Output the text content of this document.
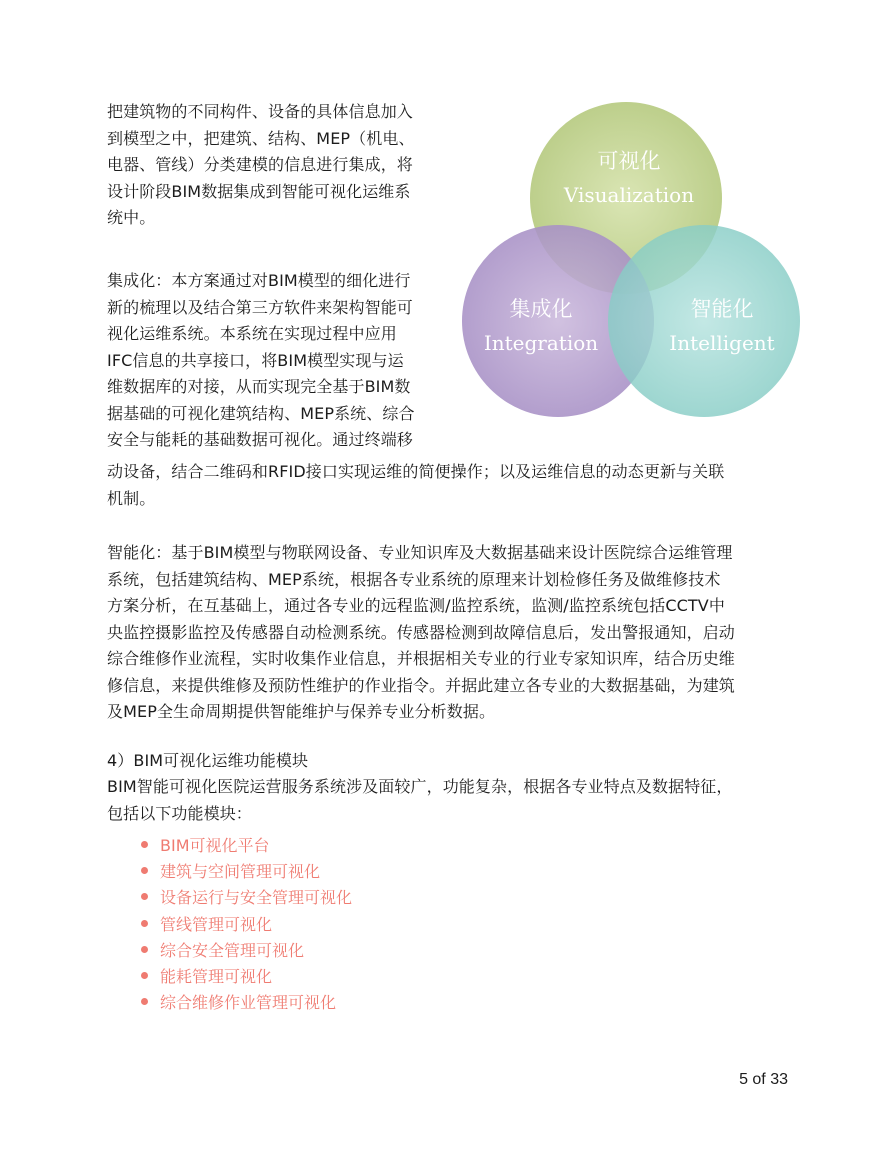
把建筑物的不同构件、设备的具体信息加入
到模型之中，把建筑、结构、MEP（机电、
电器、管线）分类建模的信息进行集成，将
设计阶段BIM数据集成到智能可视化运维系
统中。

集成化：本方案通过对BIM模型的细化进行
新的梳理以及结合第三方软件来架构智能可
视化运维系统。本系统在实现过程中应用
IFC信息的共享接口，将BIM模型实现与运
维数据库的对接，从而实现完全基于BIM数
据基础的可视化建筑结构、MEP系统、综合
安全与能耗的基础数据可视化。通过终端移

动设备，结合二维码和RFID接口实现运维的简便操作；以及运维信息的动态更新与关联
机制。

智能化：基于BIM模型与物联网设备、专业知识库及大数据基础来设计医院综合运维管理
系统，包括建筑结构、MEP系统，根据各专业系统的原理来计划检修任务及做维修技术
方案分析，在互基础上，通过各专业的远程监测/监控系统，监测/监控系统包括CCTV中
央监控摄影监控及传感器自动检测系统。传感器检测到故障信息后，发出警报通知，启动
综合维修作业流程，实时收集作业信息，并根据相关专业的行业专家知识库，结合历史维
修信息，来提供维修及预防性维护的作业指令。并据此建立各专业的大数据基础，为建筑
及MEP全生命周期提供智能维护与保养专业分析数据。

4）BIM可视化运维功能模块

BIM智能可视化医院运营服务系统涉及面较广，功能复杂，根据各专业特点及数据特征，
包括以下功能模块：

BIM可视化平台
建筑与空间管理可视化
设备运行与安全管理可视化
管线管理可视化
综合安全管理可视化
能耗管理可视化
综合维修作业管理可视化
可视化
Visualization
集成化
Integration
智能化
Intelligent
5 of 33
